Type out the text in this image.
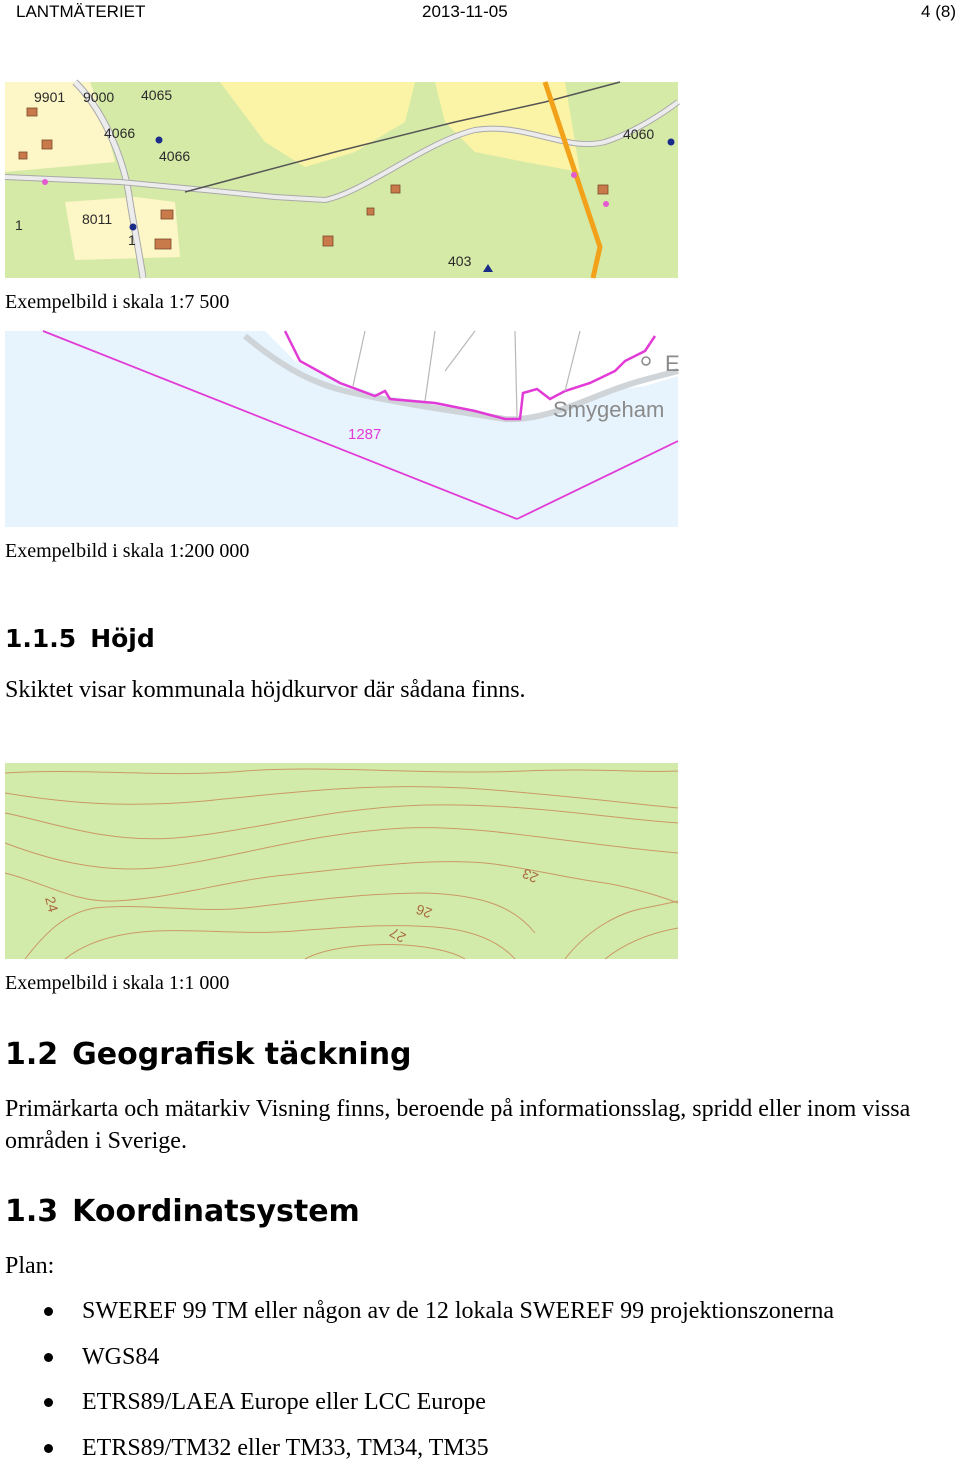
LANTMÄTERIET	2013-11-05	4 (8)
9901 9000 4065
4066
4066
4060
8011
1
1
403
Exempelbild i skala 1:7 500
1287
Smygeham
E
Exempelbild i skala 1:200 000
1.1.5 Höjd
Skiktet visar kommunala höjdkurvor där sådana finns.
24	26
27
23
Exempelbild i skala 1:1 000
1.2 Geografisk täckning
Primärkarta och mätarkiv Visning finns, beroende på informationsslag, spridd eller inom vissa områden i Sverige.
1.3 Koordinatsystem
Plan:
SWEREF 99 TM eller någon av de 12 lokala SWEREF 99 projektionszonerna
WGS84
ETRS89/LAEA Europe eller LCC Europe
ETRS89/TM32 eller TM33, TM34, TM35
